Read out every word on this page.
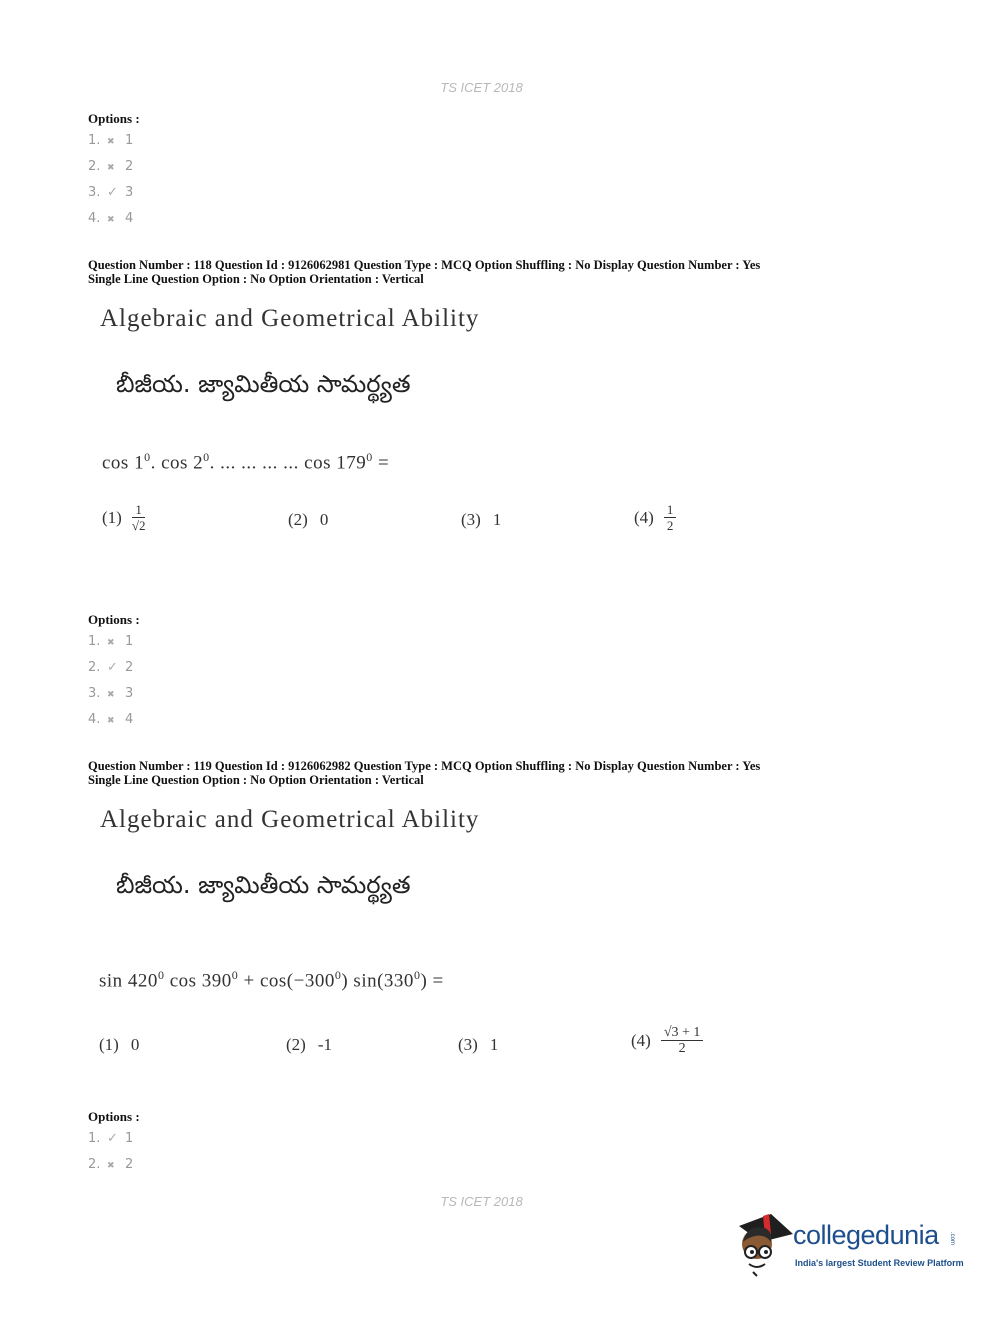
TS ICET 2018
Options :
1. ✖ 1
2. ✖ 2
3. ✓ 3
4. ✖ 4
Question Number : 118 Question Id : 9126062981 Question Type : MCQ Option Shuffling : No Display Question Number : Yes
Single Line Question Option : No Option Orientation : Vertical
Algebraic and Geometrical Ability
బీజీయ. జ్యామితీయ సామర్థ్యత
$\cos 1^0$. $\cos 2^0$. ... ... ... ... $\cos 179^0$ =
$(1) \frac{1}{√2}$	(2) 0	(3) 1	$(4) \frac{1}{2}$
Options :
1. ✖ 1
2. ✓ 2
3. ✖ 3
4. ✖ 4
Question Number : 119 Question Id : 9126062982 Question Type : MCQ Option Shuffling : No Display Question Number : Yes
Single Line Question Option : No Option Orientation : Vertical
Algebraic and Geometrical Ability
బీజీయ. జ్యామితీయ సామర్థ్యత
$\sin 420^0$ $\cos 390^0 + \cos(-300^0) \sin(330^0)$ =
(1) 0	(2) -1	(3) 1	$(4) \frac{√3 + 1}{2}$
Options :
1. ✓ 1
2. ✖ 2
TS ICET 2018
collegedunia .com
India's largest Student Review Platform
